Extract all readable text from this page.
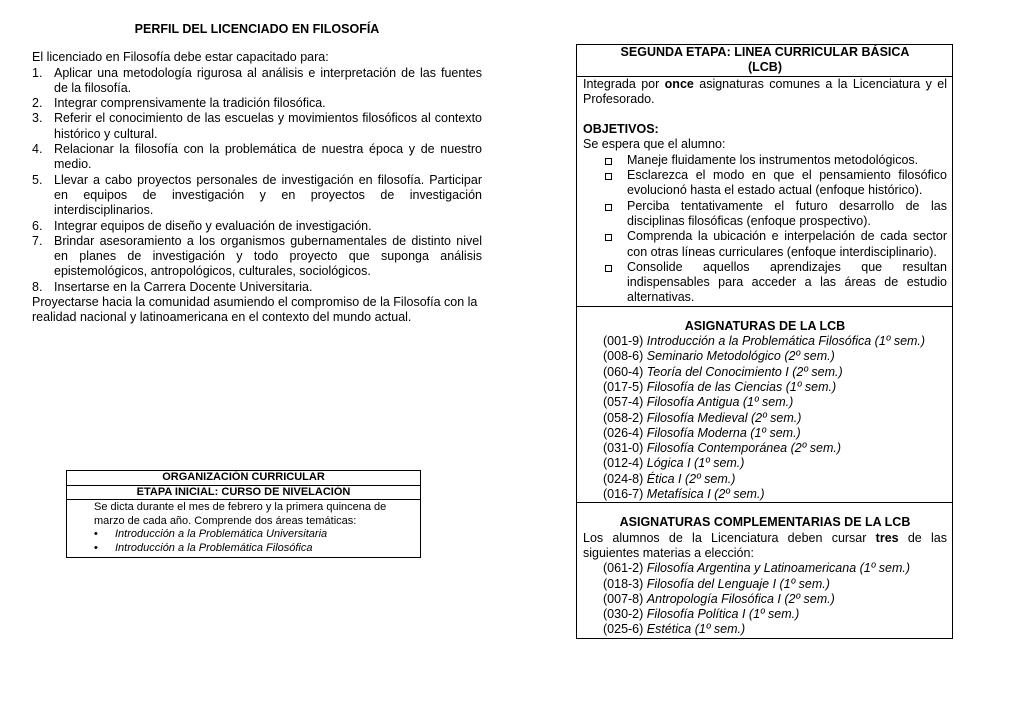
PERFIL DEL LICENCIADO EN FILOSOFÍA

El licenciado en Filosofía debe estar capacitado para:

1. Aplicar una metodología rigurosa al análisis e interpretación de las fuentes de la filosofía.
2. Integrar comprensivamente la tradición filosófica.
3. Referir el conocimiento de las escuelas y movimientos filosóficos al contexto histórico y cultural.
4. Relacionar la filosofía con la problemática de nuestra época y de nuestro medio.
5. Llevar a cabo proyectos personales de investigación en filosofía. Participar en equipos de investigación y en proyectos de investigación interdisciplinarios.
6. Integrar equipos de diseño y evaluación de investigación.
7. Brindar asesoramiento a los organismos gubernamentales de distinto nivel en planes de investigación y todo proyecto que suponga análisis epistemológicos, antropológicos, culturales, sociológicos.
8. Insertarse en la Carrera Docente Universitaria.

Proyectarse hacia la comunidad asumiendo el compromiso de la Filosofía con la realidad nacional y latinoamericana en el contexto del mundo actual.

ORGANIZACIÓN CURRICULAR
ETAPA INICIAL: CURSO DE NIVELACIÓN
Se dicta durante el mes de febrero y la primera quincena de marzo de cada año. Comprende dos áreas temáticas:
• Introducción a la Problemática Universitaria
• Introducción a la Problemática Filosófica
SEGUNDA ETAPA: LINEA CURRICULAR BÁSICA
(LCB)

Integrada por once asignaturas comunes a la Licenciatura y el Profesorado.

OBJETIVOS:

Se espera que el alumno:

Maneje fluidamente los instrumentos metodológicos.
Esclarezca el modo en que el pensamiento filosófico evolucionó hasta el estado actual (enfoque histórico).
Perciba tentativamente el futuro desarrollo de las disciplinas filosóficas (enfoque prospectivo).
Comprenda la ubicación e interpelación de cada sector con otras líneas curriculares (enfoque interdisciplinario).
Consolide aquellos aprendizajes que resultan indispensables para acceder a las áreas de estudio alternativas.
ASIGNATURAS DE LA LCB
(001-9) Introducción a la Problemática Filosófica (1º sem.)
(008-6) Seminario Metodológico (2º sem.)
(060-4) Teoría del Conocimiento I (2º sem.)
(017-5) Filosofía de las Ciencias (1º sem.)
(057-4) Filosofía Antigua (1º sem.)
(058-2) Filosofía Medieval (2º sem.)
(026-4) Filosofía Moderna (1º sem.)
(031-0) Filosofía Contemporánea (2º sem.)
(012-4) Lógica I (1º sem.)
(024-8) Ética I (2º sem.)
(016-7) Metafísica I (2º sem.)
ASIGNATURAS COMPLEMENTARIAS DE LA LCB

Los alumnos de la Licenciatura deben cursar tres de las siguientes materias a elección:

(061-2) Filosofía Argentina y Latinoamericana (1º sem.)
(018-3) Filosofía del Lenguaje I (1º sem.)
(007-8) Antropología Filosófica I (2º sem.)
(030-2) Filosofía Política I (1º sem.)
(025-6) Estética (1º sem.)
